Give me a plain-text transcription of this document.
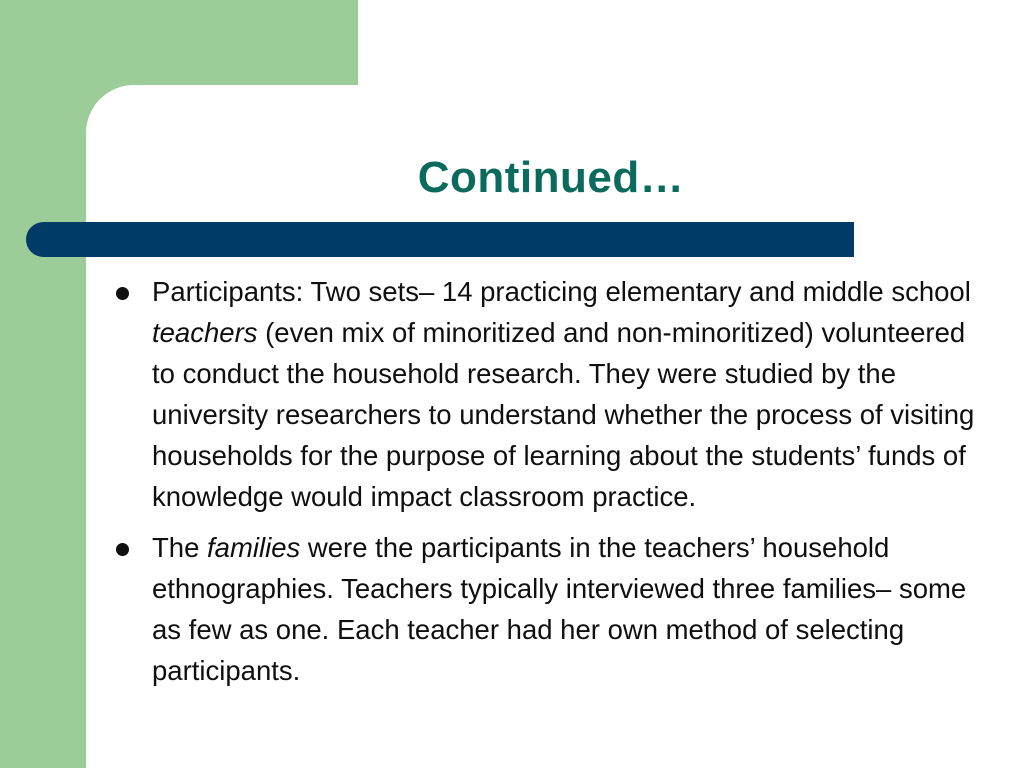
Continued…
Participants: Two sets– 14 practicing elementary and middle school teachers (even mix of minoritized and non-minoritized) volunteered to conduct the household research. They were studied by the university researchers to understand whether the process of visiting households for the purpose of learning about the students’ funds of knowledge would impact classroom practice.
The families were the participants in the teachers’ household ethnographies. Teachers typically interviewed three families– some as few as one. Each teacher had her own method of selecting participants.
